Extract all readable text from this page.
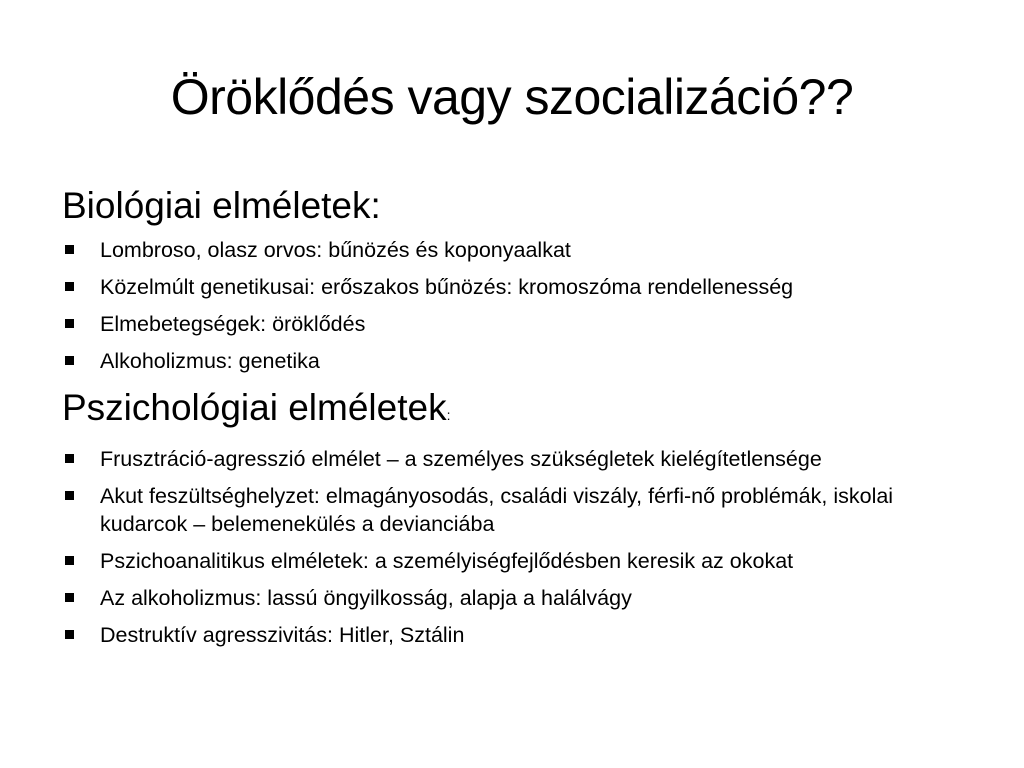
Öröklődés vagy szocializáció??
Biológiai elméletek:
Lombroso, olasz orvos: bűnözés és koponyaalkat
Közelmúlt genetikusai: erőszakos bűnözés: kromoszóma rendellenesség
Elmebetegségek: öröklődés
Alkoholizmus: genetika
Pszichológiai elméletek:
Frusztráció-agresszió elmélet – a személyes szükségletek kielégítetlensége
Akut feszültséghelyzet: elmagányosodás, családi viszály, férfi-nő problémák, iskolai kudarcok – belemenekülés a devianciába
Pszichoanalitikus elméletek: a személyiségfejlődésben keresik az okokat
Az alkoholizmus: lassú öngyilkosság, alapja a halálvágy
Destruktív agresszivitás: Hitler, Sztálin
